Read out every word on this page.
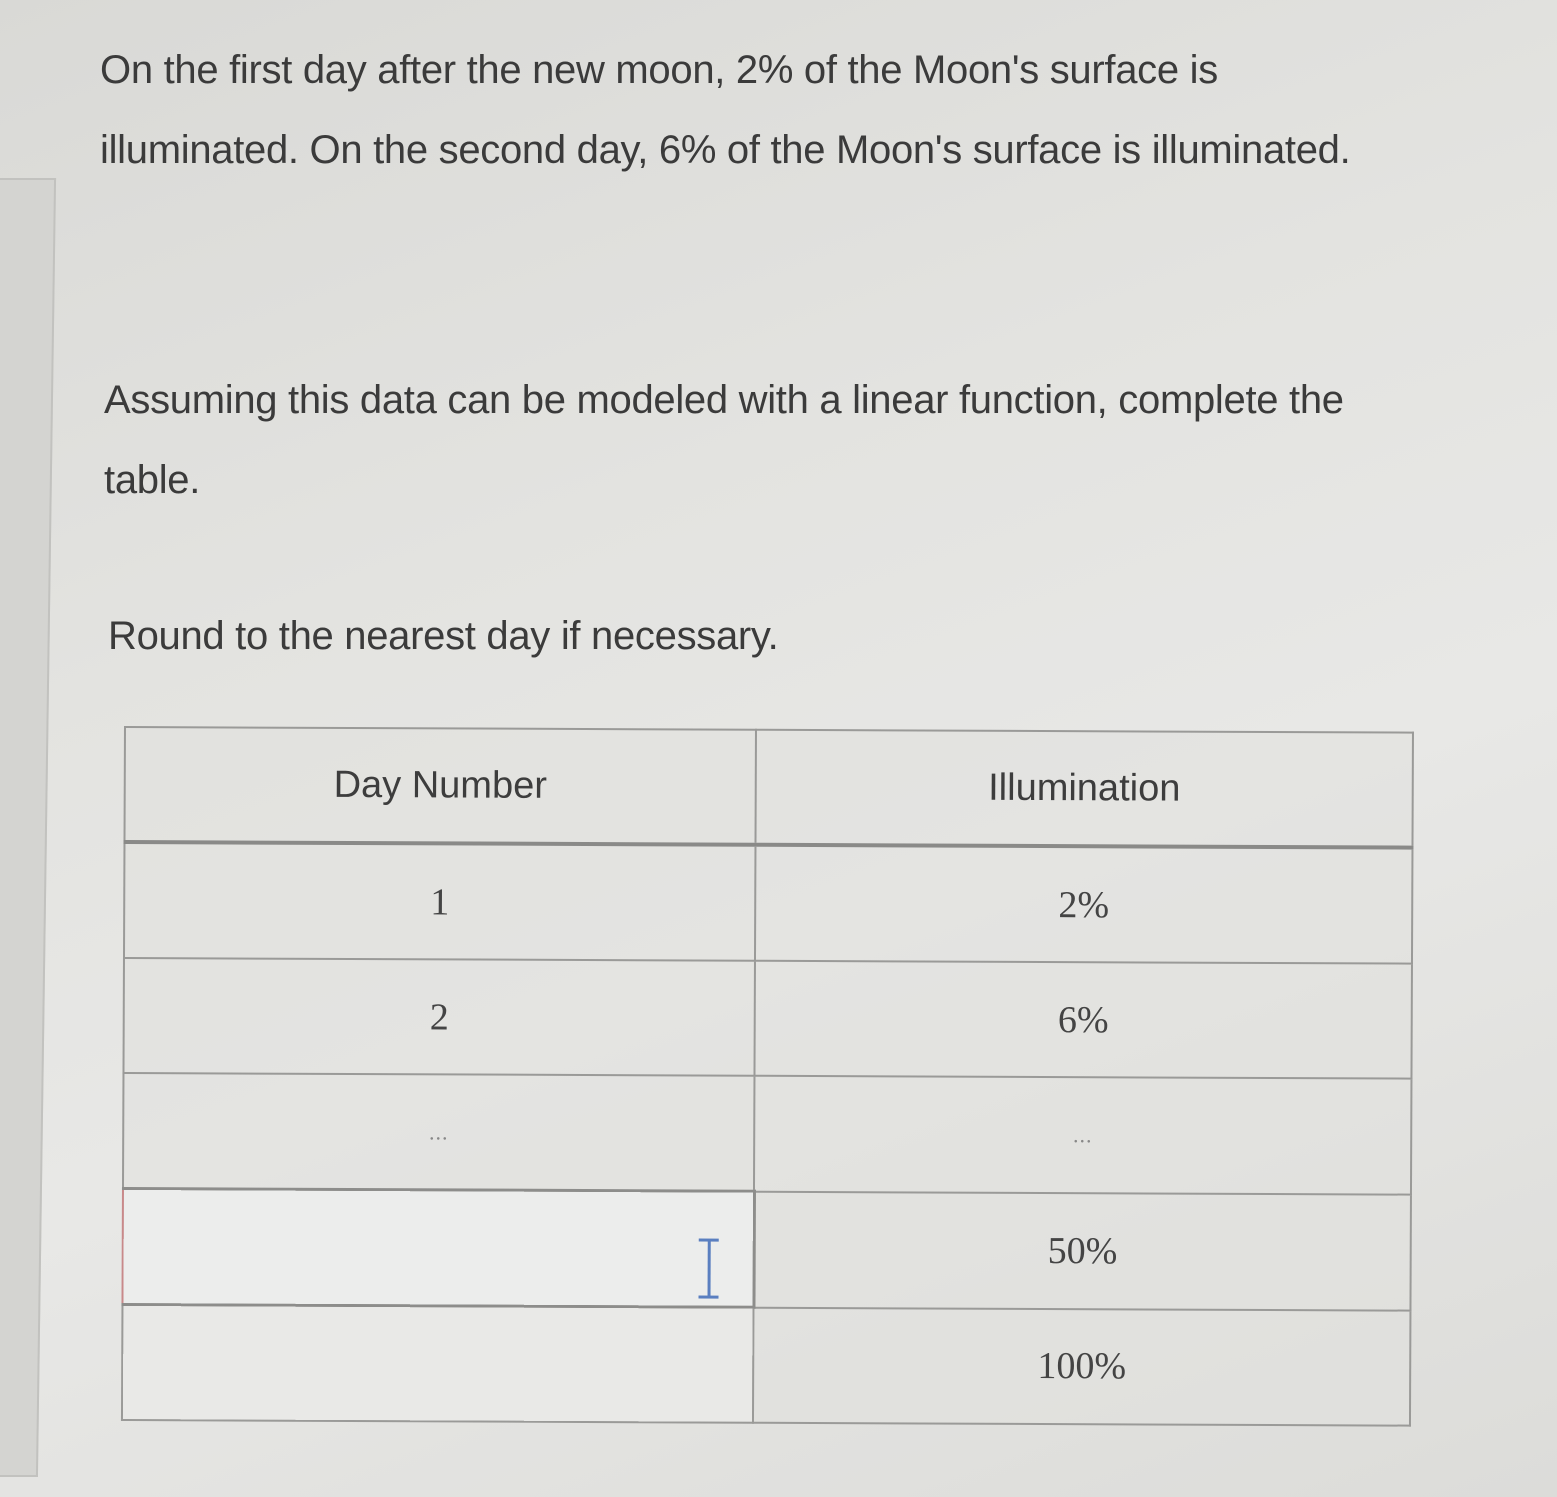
On the first day after the new moon, 2% of the Moon's surface is illuminated. On the second day, 6% of the Moon's surface is illuminated.

Assuming this data can be modeled with a linear function, complete the table.

Round to the nearest day if necessary.

Day Number	Illumination
1	2%
2	6%
...	...

	50%
	100%
